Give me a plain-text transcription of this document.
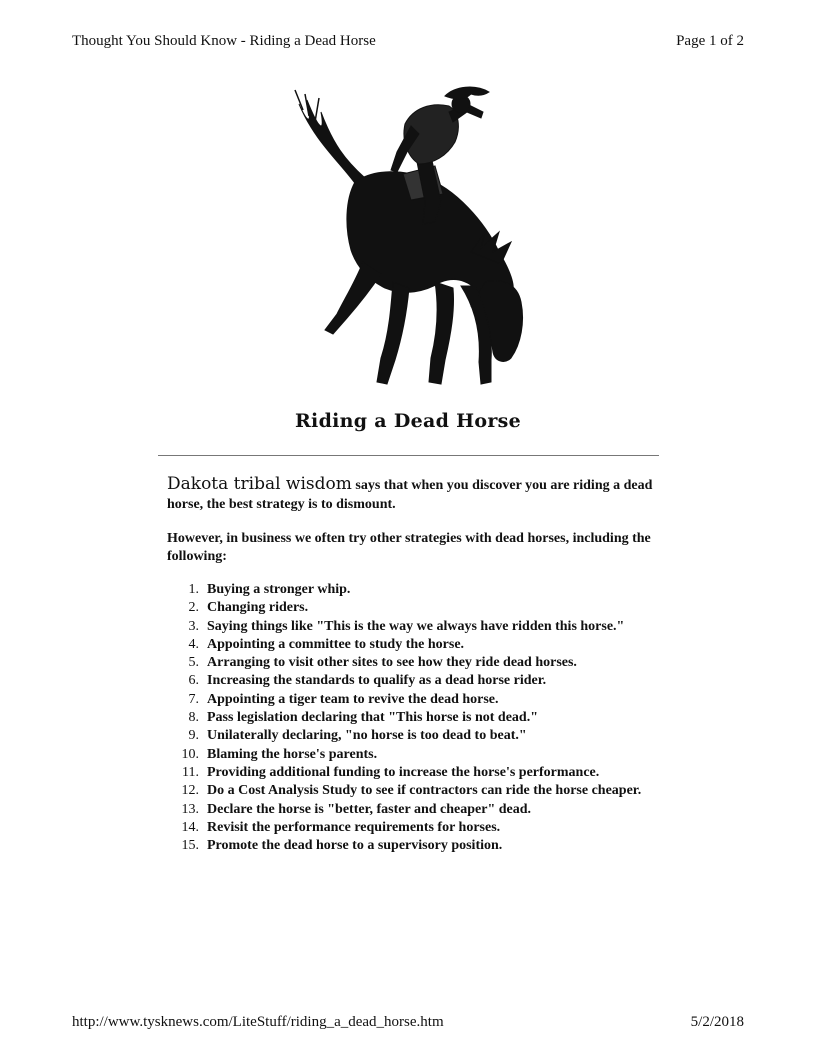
Thought You Should Know - Riding a Dead Horse	Page 1 of 2
Riding a Dead Horse
Dakota tribal wisdom says that when you discover you are riding a dead horse, the best strategy is to dismount.
However, in business we often try other strategies with dead horses, including the following:
1. Buying a stronger whip.
2. Changing riders.
3. Saying things like "This is the way we always have ridden this horse."
4. Appointing a committee to study the horse.
5. Arranging to visit other sites to see how they ride dead horses.
6. Increasing the standards to qualify as a dead horse rider.
7. Appointing a tiger team to revive the dead horse.
8. Pass legislation declaring that "This horse is not dead."
9. Unilaterally declaring, "no horse is too dead to beat."
10. Blaming the horse's parents.
11. Providing additional funding to increase the horse's performance.
12. Do a Cost Analysis Study to see if contractors can ride the horse cheaper.
13. Declare the horse is "better, faster and cheaper" dead.
14. Revisit the performance requirements for horses.
15. Promote the dead horse to a supervisory position.
http://www.tysknews.com/LiteStuff/riding_a_dead_horse.htm	5/2/2018
